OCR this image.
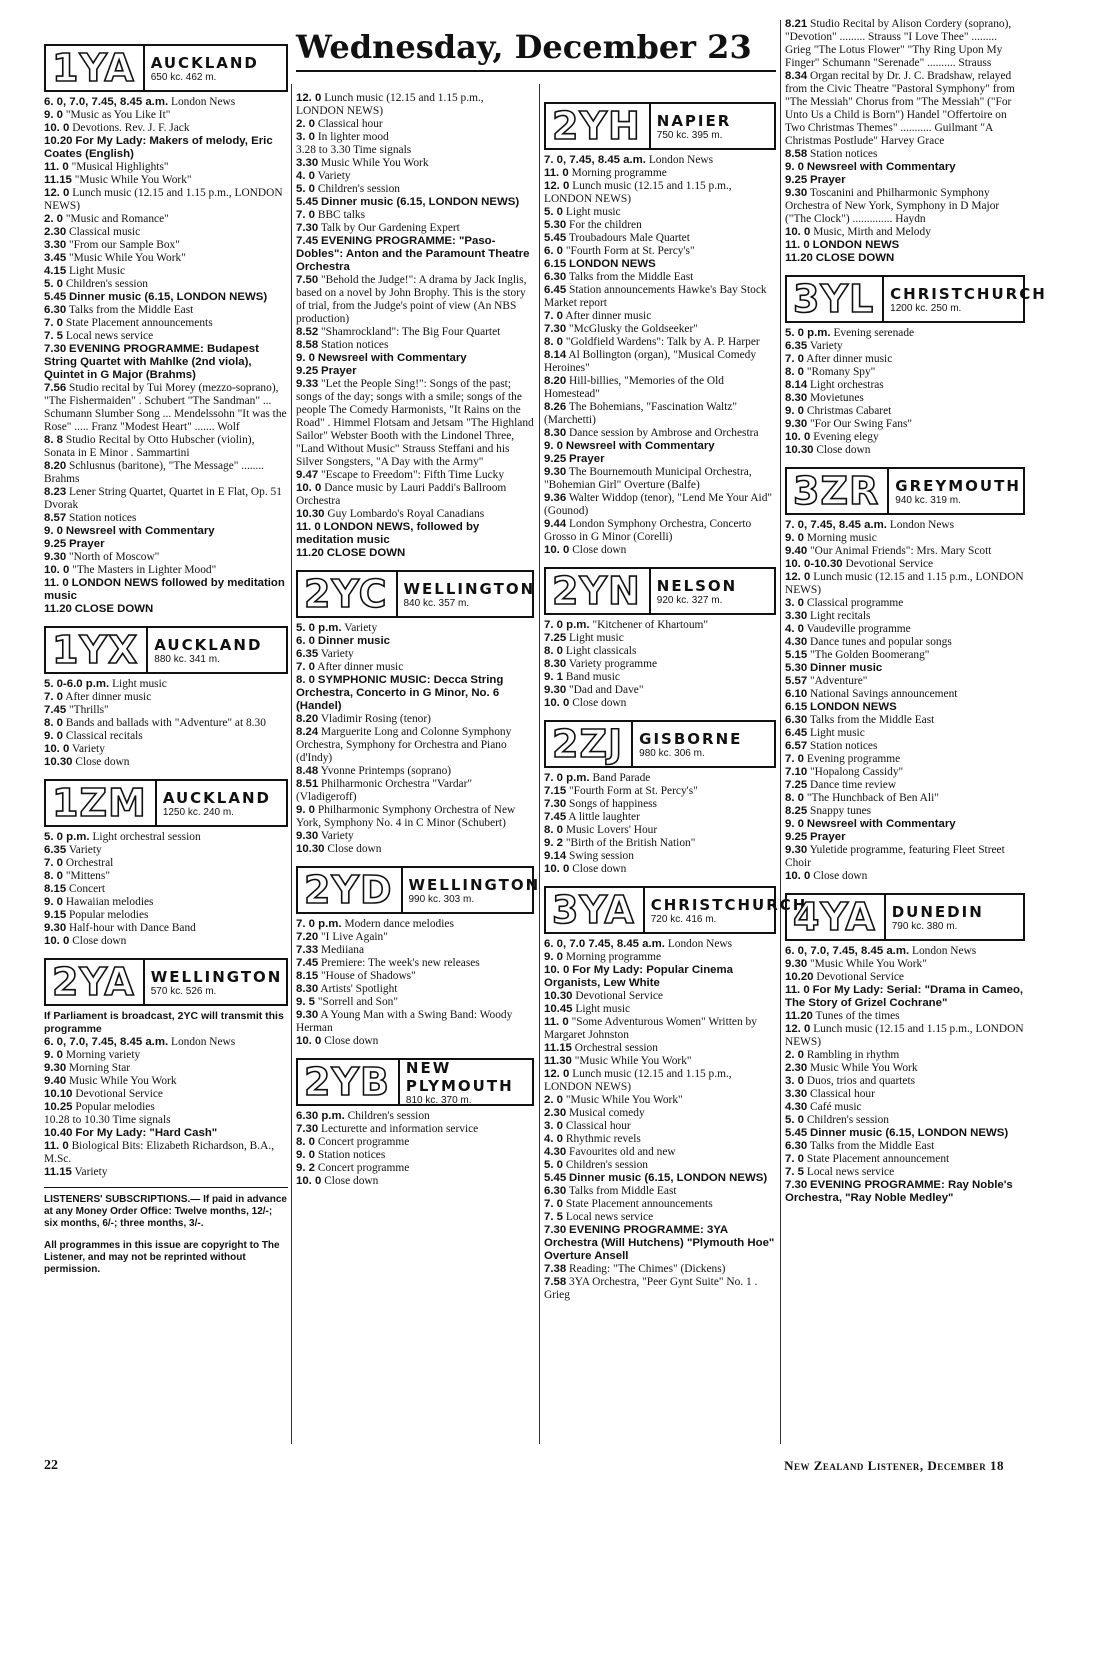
Wednesday, December 23
1YA AUCKLAND
650 kc. 462 m.

6. 0, 7.0, 7.45, 8.45 a.m. London News

9. 0 "Music as You Like It"

10. 0 Devotions. Rev. J. F. Jack

10.20 For My Lady: Makers of melody, Eric Coates (English)

11. 0 "Musical Highlights"

11.15 "Music While You Work"

12. 0 Lunch music (12.15 and 1.15 p.m., LONDON NEWS)

2. 0 "Music and Romance"

2.30 Classical music

3.30 "From our Sample Box"

3.45 "Music While You Work"

4.15 Light Music

5. 0 Children's session

5.45 Dinner music (6.15, LONDON NEWS)

6.30 Talks from the Middle East

7. 0 State Placement announcements

7. 5 Local news service

7.30 EVENING PROGRAMME: Budapest String Quartet with Mahlke (2nd viola), Quintet in G Major (Brahms)

7.56 Studio recital by Tui Morey (mezzo-soprano), "The Fishermaiden" . Schubert "The Sandman" ... Schumann Slumber Song ... Mendelssohn "It was the Rose" ..... Franz "Modest Heart" ....... Wolf

8. 8 Studio Recital by Otto Hubscher (violin), Sonata in E Minor . Sammartini

8.20 Schlusnus (baritone), "The Message" ........ Brahms

8.23 Lener String Quartet, Quartet in E Flat, Op. 51 Dvorak

8.57 Station notices

9. 0 Newsreel with Commentary

9.25 Prayer

9.30 "North of Moscow"

10. 0 "The Masters in Lighter Mood"

11. 0 LONDON NEWS followed by meditation music

11.20 CLOSE DOWN

1YX AUCKLAND
880 kc. 341 m.

5. 0-6.0 p.m. Light music

7. 0 After dinner music

7.45 "Thrills"

8. 0 Bands and ballads with "Adventure" at 8.30

9. 0 Classical recitals

10. 0 Variety

10.30 Close down

1ZM AUCKLAND
1250 kc. 240 m.

5. 0 p.m. Light orchestral session

6.35 Variety

7. 0 Orchestral

8. 0 "Mittens"

8.15 Concert

9. 0 Hawaiian melodies

9.15 Popular melodies

9.30 Half-hour with Dance Band

10. 0 Close down

2YA WELLINGTON
570 kc. 526 m.

If Parliament is broadcast, 2YC will transmit this programme

6. 0, 7.0, 7.45, 8.45 a.m. London News

9. 0 Morning variety

9.30 Morning Star

9.40 Music While You Work

10.10 Devotional Service

10.25 Popular melodies

10.28 to 10.30 Time signals

10.40 For My Lady: "Hard Cash"

11. 0 Biological Bits: Elizabeth Richardson, B.A., M.Sc.

11.15 Variety

LISTENERS' SUBSCRIPTIONS.— If paid in advance at any Money Order Office: Twelve months, 12/-; six months, 6/-; three months, 3/-.

All programmes in this issue are copyright to The Listener, and may not be reprinted without permission.

12. 0 Lunch music (12.15 and 1.15 p.m., LONDON NEWS)

2. 0 Classical hour

3. 0 In lighter mood

3.28 to 3.30 Time signals

3.30 Music While You Work

4. 0 Variety

5. 0 Children's session

5.45 Dinner music (6.15, LONDON NEWS)

7. 0 BBC talks

7.30 Talk by Our Gardening Expert

7.45 EVENING PROGRAMME: "Paso-Dobles": Anton and the Paramount Theatre Orchestra

7.50 "Behold the Judge!": A drama by Jack Inglis, based on a novel by John Brophy. This is the story of trial, from the Judge's point of view (An NBS production)

8.52 "Shamrockland": The Big Four Quartet

8.58 Station notices

9. 0 Newsreel with Commentary

9.25 Prayer

9.33 "Let the People Sing!": Songs of the past; songs of the day; songs with a smile; songs of the people The Comedy Harmonists, "It Rains on the Road" . Himmel Flotsam and Jetsam "The Highland Sailor" Webster Booth with the Lindonel Three, "Land Without Music" Strauss Steffani and his Silver Songsters, "A Day with the Army"

9.47 "Escape to Freedom": Fifth Time Lucky

10. 0 Dance music by Lauri Paddi's Ballroom Orchestra

10.30 Guy Lombardo's Royal Canadians

11. 0 LONDON NEWS, followed by meditation music

11.20 CLOSE DOWN

2YC WELLINGTON
840 kc. 357 m.

5. 0 p.m. Variety

6. 0 Dinner music

6.35 Variety

7. 0 After dinner music

8. 0 SYMPHONIC MUSIC: Decca String Orchestra, Concerto in G Minor, No. 6 (Handel)

8.20 Vladimir Rosing (tenor)

8.24 Marguerite Long and Colonne Symphony Orchestra, Symphony for Orchestra and Piano (d'Indy)

8.48 Yvonne Printemps (soprano)

8.51 Philharmonic Orchestra "Vardar" (Vladigeroff)

9. 0 Philharmonic Symphony Orchestra of New York, Symphony No. 4 in C Minor (Schubert)

9.30 Variety

10.30 Close down

2YD WELLINGTON
990 kc. 303 m.

7. 0 p.m. Modern dance melodies

7.20 "I Live Again"

7.33 Mediiana

7.45 Premiere: The week's new releases

8.15 "House of Shadows"

8.30 Artists' Spotlight

9. 5 "Sorrell and Son"

9.30 A Young Man with a Swing Band: Woody Herman

10. 0 Close down

2YB NEW PLYMOUTH
810 kc. 370 m.

6.30 p.m. Children's session

7.30 Lecturette and information service

8. 0 Concert programme

9. 0 Station notices

9. 2 Concert programme

10. 0 Close down

2YH NAPIER
750 kc. 395 m.

7. 0, 7.45, 8.45 a.m. London News

11. 0 Morning programme

12. 0 Lunch music (12.15 and 1.15 p.m., LONDON NEWS)

5. 0 Light music

5.30 For the children

5.45 Troubadours Male Quartet

6. 0 "Fourth Form at St. Percy's"

6.15 LONDON NEWS

6.30 Talks from the Middle East

6.45 Station announcements Hawke's Bay Stock Market report

7. 0 After dinner music

7.30 "McGlusky the Goldseeker"

8. 0 "Goldfield Wardens": Talk by A. P. Harper

8.14 Al Bollington (organ), "Musical Comedy Heroines"

8.20 Hill-billies, "Memories of the Old Homestead"

8.26 The Bohemians, "Fascination Waltz" (Marchetti)

8.30 Dance session by Ambrose and Orchestra

9. 0 Newsreel with Commentary

9.25 Prayer

9.30 The Bournemouth Municipal Orchestra, "Bohemian Girl" Overture (Balfe)

9.36 Walter Widdop (tenor), "Lend Me Your Aid" (Gounod)

9.44 London Symphony Orchestra, Concerto Grosso in G Minor (Corelli)

10. 0 Close down

2YN NELSON
920 kc. 327 m.

7. 0 p.m. "Kitchener of Khartoum"

7.25 Light music

8. 0 Light classicals

8.30 Variety programme

9. 1 Band music

9.30 "Dad and Dave"

10. 0 Close down

2ZJ GISBORNE
980 kc. 306 m.

7. 0 p.m. Band Parade

7.15 "Fourth Form at St. Percy's"

7.30 Songs of happiness

7.45 A little laughter

8. 0 Music Lovers' Hour

9. 2 "Birth of the British Nation"

9.14 Swing session

10. 0 Close down

3YA CHRISTCHURCH
720 kc. 416 m.

6. 0, 7.0 7.45, 8.45 a.m. London News

9. 0 Morning programme

10. 0 For My Lady: Popular Cinema Organists, Lew White

10.30 Devotional Service

10.45 Light music

11. 0 "Some Adventurous Women" Written by Margaret Johnston

11.15 Orchestral session

11.30 "Music While You Work"

12. 0 Lunch music (12.15 and 1.15 p.m., LONDON NEWS)

2. 0 "Music While You Work"

2.30 Musical comedy

3. 0 Classical hour

4. 0 Rhythmic revels

4.30 Favourites old and new

5. 0 Children's session

5.45 Dinner music (6.15, LONDON NEWS)

6.30 Talks from Middle East

7. 0 State Placement announcements

7. 5 Local news service

7.30 EVENING PROGRAMME: 3YA Orchestra (Will Hutchens) "Plymouth Hoe" Overture Ansell

7.38 Reading: "The Chimes" (Dickens)

7.58 3YA Orchestra, "Peer Gynt Suite" No. 1 . Grieg

8.21 Studio Recital by Alison Cordery (soprano), "Devotion" ......... Strauss "I Love Thee" ......... Grieg "The Lotus Flower" "Thy Ring Upon My Finger" Schumann "Serenade" .......... Strauss

8.34 Organ recital by Dr. J. C. Bradshaw, relayed from the Civic Theatre "Pastoral Symphony" from "The Messiah" Chorus from "The Messiah" ("For Unto Us a Child is Born") Handel "Offertoire on Two Christmas Themes" ........... Guilmant "A Christmas Postlude" Harvey Grace

8.58 Station notices

9. 0 Newsreel with Commentary

9.25 Prayer

9.30 Toscanini and Philharmonic Symphony Orchestra of New York, Symphony in D Major ("The Clock") .............. Haydn

10. 0 Music, Mirth and Melody

11. 0 LONDON NEWS

11.20 CLOSE DOWN

3YL CHRISTCHURCH
1200 kc. 250 m.

5. 0 p.m. Evening serenade

6.35 Variety

7. 0 After dinner music

8. 0 "Romany Spy"

8.14 Light orchestras

8.30 Movietunes

9. 0 Christmas Cabaret

9.30 "For Our Swing Fans"

10. 0 Evening elegy

10.30 Close down

3ZR GREYMOUTH
940 kc. 319 m.

7. 0, 7.45, 8.45 a.m. London News

9. 0 Morning music

9.40 "Our Animal Friends": Mrs. Mary Scott

10. 0-10.30 Devotional Service

12. 0 Lunch music (12.15 and 1.15 p.m., LONDON NEWS)

3. 0 Classical programme

3.30 Light recitals

4. 0 Vaudeville programme

4.30 Dance tunes and popular songs

5.15 "The Golden Boomerang"

5.30 Dinner music

5.57 "Adventure"

6.10 National Savings announcement

6.15 LONDON NEWS

6.30 Talks from the Middle East

6.45 Light music

6.57 Station notices

7. 0 Evening programme

7.10 "Hopalong Cassidy"

7.25 Dance time review

8. 0 "The Hunchback of Ben Ali"

8.25 Snappy tunes

9. 0 Newsreel with Commentary

9.25 Prayer

9.30 Yuletide programme, featuring Fleet Street Choir

10. 0 Close down

4YA DUNEDIN
790 kc. 380 m.

6. 0, 7.0, 7.45, 8.45 a.m. London News

9.30 "Music While You Work"

10.20 Devotional Service

11. 0 For My Lady: Serial: "Drama in Cameo, The Story of Grizel Cochrane"

11.20 Tunes of the times

12. 0 Lunch music (12.15 and 1.15 p.m., LONDON NEWS)

2. 0 Rambling in rhythm

2.30 Music While You Work

3. 0 Duos, trios and quartets

3.30 Classical hour

4.30 Café music

5. 0 Children's session

5.45 Dinner music (6.15, LONDON NEWS)

6.30 Talks from the Middle East

7. 0 State Placement announcement

7. 5 Local news service

7.30 EVENING PROGRAMME: Ray Noble's Orchestra, "Ray Noble Medley"

22	New Zealand Listener, December 18
